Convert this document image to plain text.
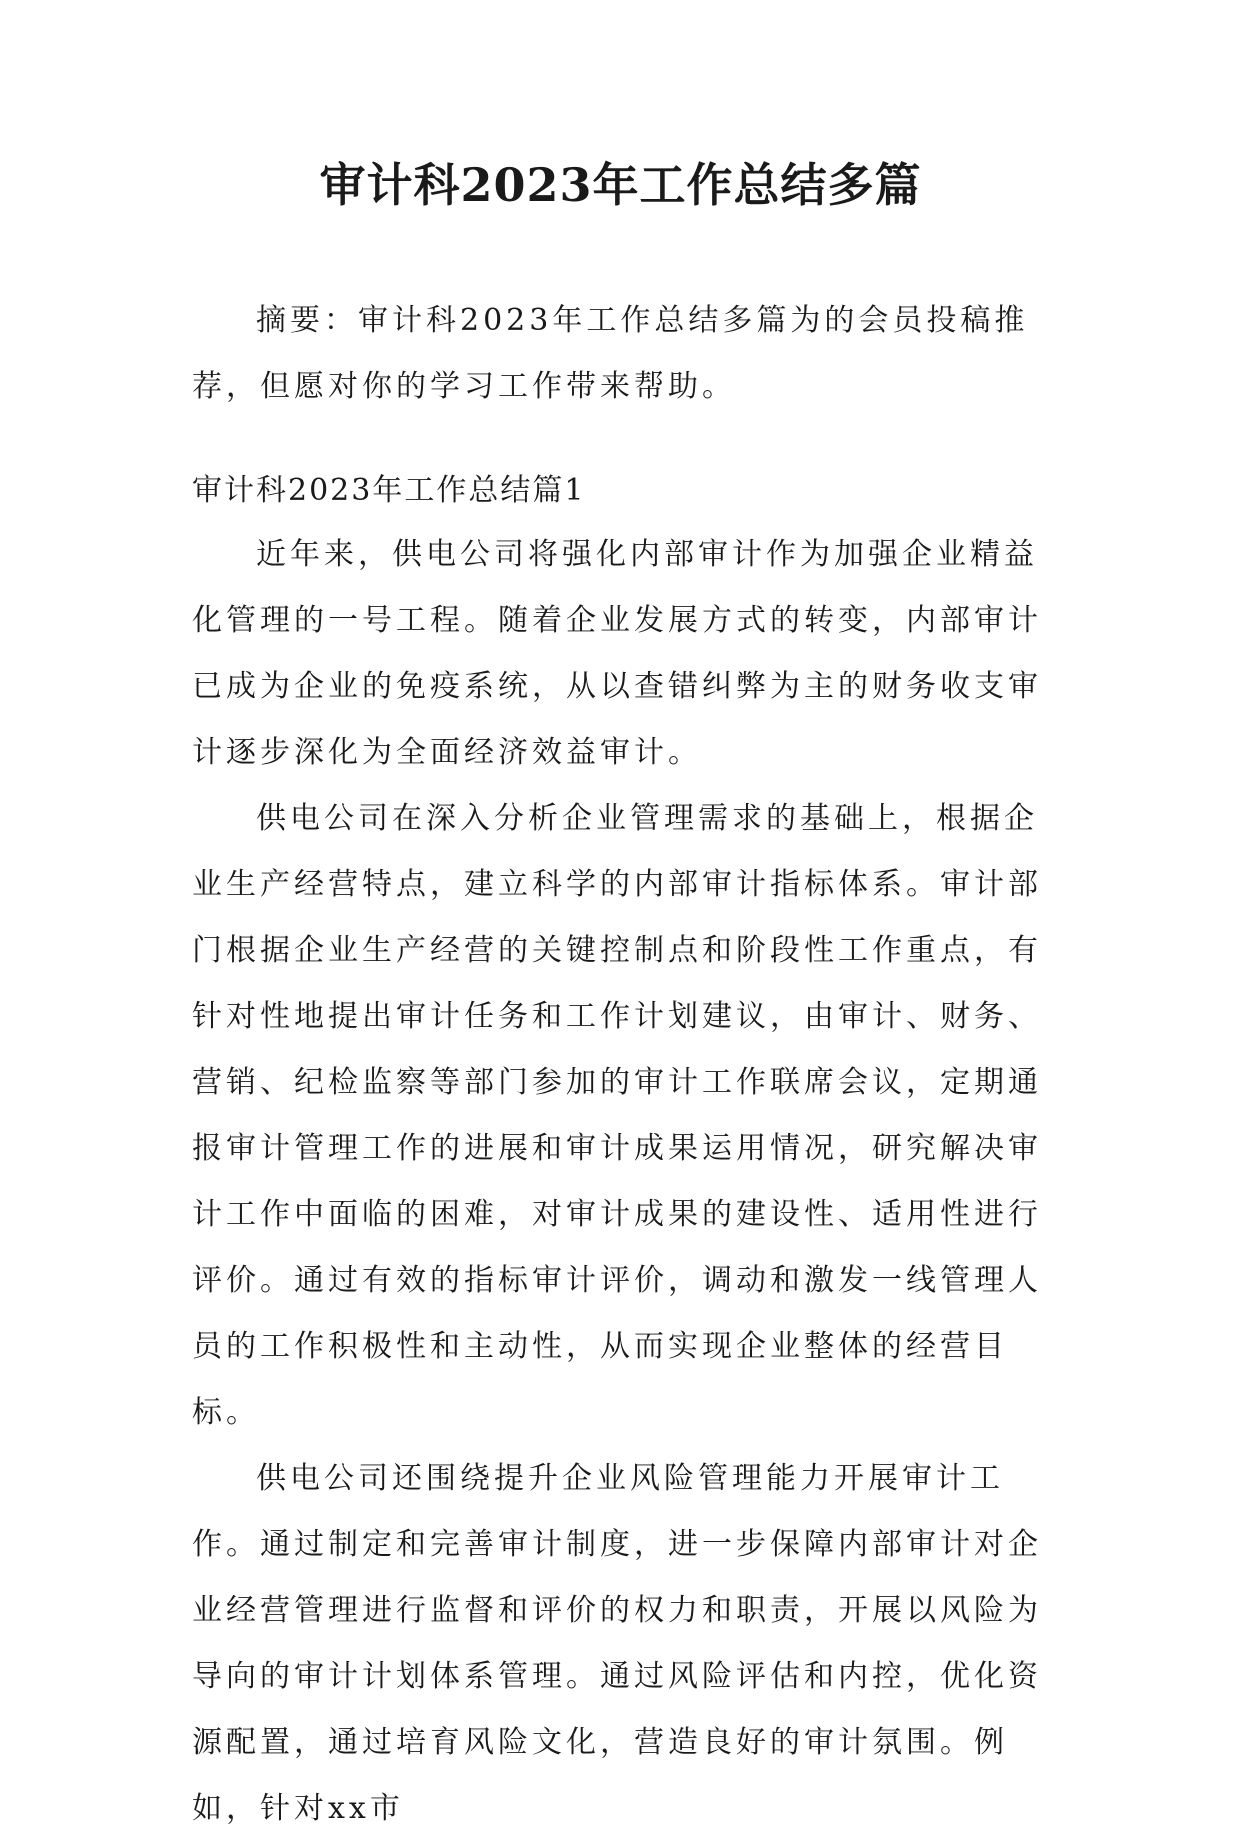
审计科2023年工作总结多篇

摘要：审计科2023年工作总结多篇为的会员投稿推荐，但愿对你的学习工作带来帮助。

审计科2023年工作总结篇1

近年来，供电公司将强化内部审计作为加强企业精益化管理的一号工程。随着企业发展方式的转变，内部审计已成为企业的免疫系统，从以查错纠弊为主的财务收支审计逐步深化为全面经济效益审计。

供电公司在深入分析企业管理需求的基础上，根据企业生产经营特点，建立科学的内部审计指标体系。审计部门根据企业生产经营的关键控制点和阶段性工作重点，有针对性地提出审计任务和工作计划建议，由审计、财务、营销、纪检监察等部门参加的审计工作联席会议，定期通报审计管理工作的进展和审计成果运用情况，研究解决审计工作中面临的困难，对审计成果的建设性、适用性进行评价。通过有效的指标审计评价，调动和激发一线管理人员的工作积极性和主动性，从而实现企业整体的经营目标。

供电公司还围绕提升企业风险管理能力开展审计工作。通过制定和完善审计制度，进一步保障内部审计对企业经营管理进行监督和评价的权力和职责，开展以风险为导向的审计计划体系管理。通过风险评估和内控，优化资源配置，通过培育风险文化，营造良好的审计氛围。例如，针对xx市
